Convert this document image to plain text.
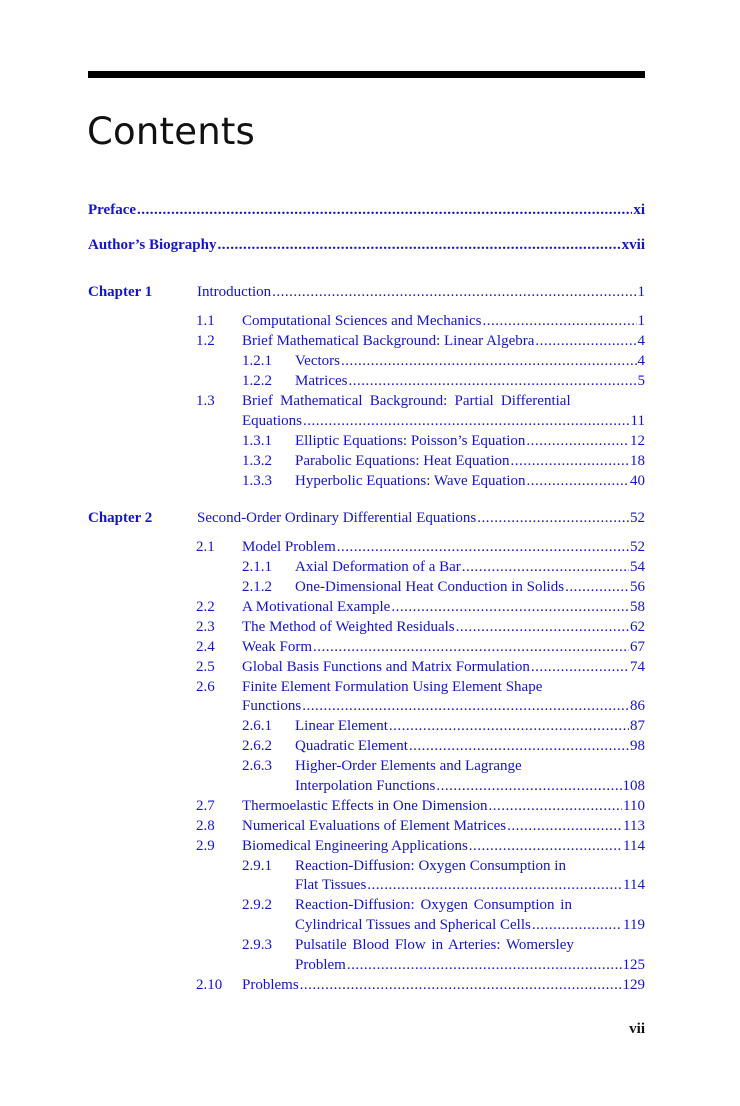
Contents
Preface .....	xi
Author’s Biography .....	xvii
Chapter 1	Introduction .....	1
1.1 Computational Sciences and Mechanics .....	1
1.2 Brief Mathematical Background: Linear Algebra .....	4
1.2.1 Vectors .....	4
1.2.2 Matrices .....	5
1.3 Brief Mathematical Background: Partial Differential
Equations .....	11
1.3.1 Elliptic Equations: Poisson’s Equation .....	12
1.3.2 Parabolic Equations: Heat Equation .....	18
1.3.3 Hyperbolic Equations: Wave Equation .....	40
Chapter 2	Second-Order Ordinary Differential Equations .....	52
2.1 Model Problem .....	52
2.1.1 Axial Deformation of a Bar .....	54
2.1.2 One-Dimensional Heat Conduction in Solids .....	56
2.2 A Motivational Example .....	58
2.3 The Method of Weighted Residuals .....	62
2.4 Weak Form .....	67
2.5 Global Basis Functions and Matrix Formulation .....	74
2.6 Finite Element Formulation Using Element Shape
Functions .....	86
2.6.1 Linear Element .....	87
2.6.2 Quadratic Element .....	98
2.6.3 Higher-Order Elements and Lagrange
Interpolation Functions .....	108
2.7 Thermoelastic Effects in One Dimension .....	110
2.8 Numerical Evaluations of Element Matrices .....	113
2.9 Biomedical Engineering Applications .....	114
2.9.1 Reaction-Diffusion: Oxygen Consumption in
Flat Tissues .....	114
2.9.2 Reaction-Diffusion: Oxygen Consumption in
Cylindrical Tissues and Spherical Cells .....	119
2.9.3 Pulsatile Blood Flow in Arteries: Womersley
Problem .....	125
2.10 Problems .....	129
vii
